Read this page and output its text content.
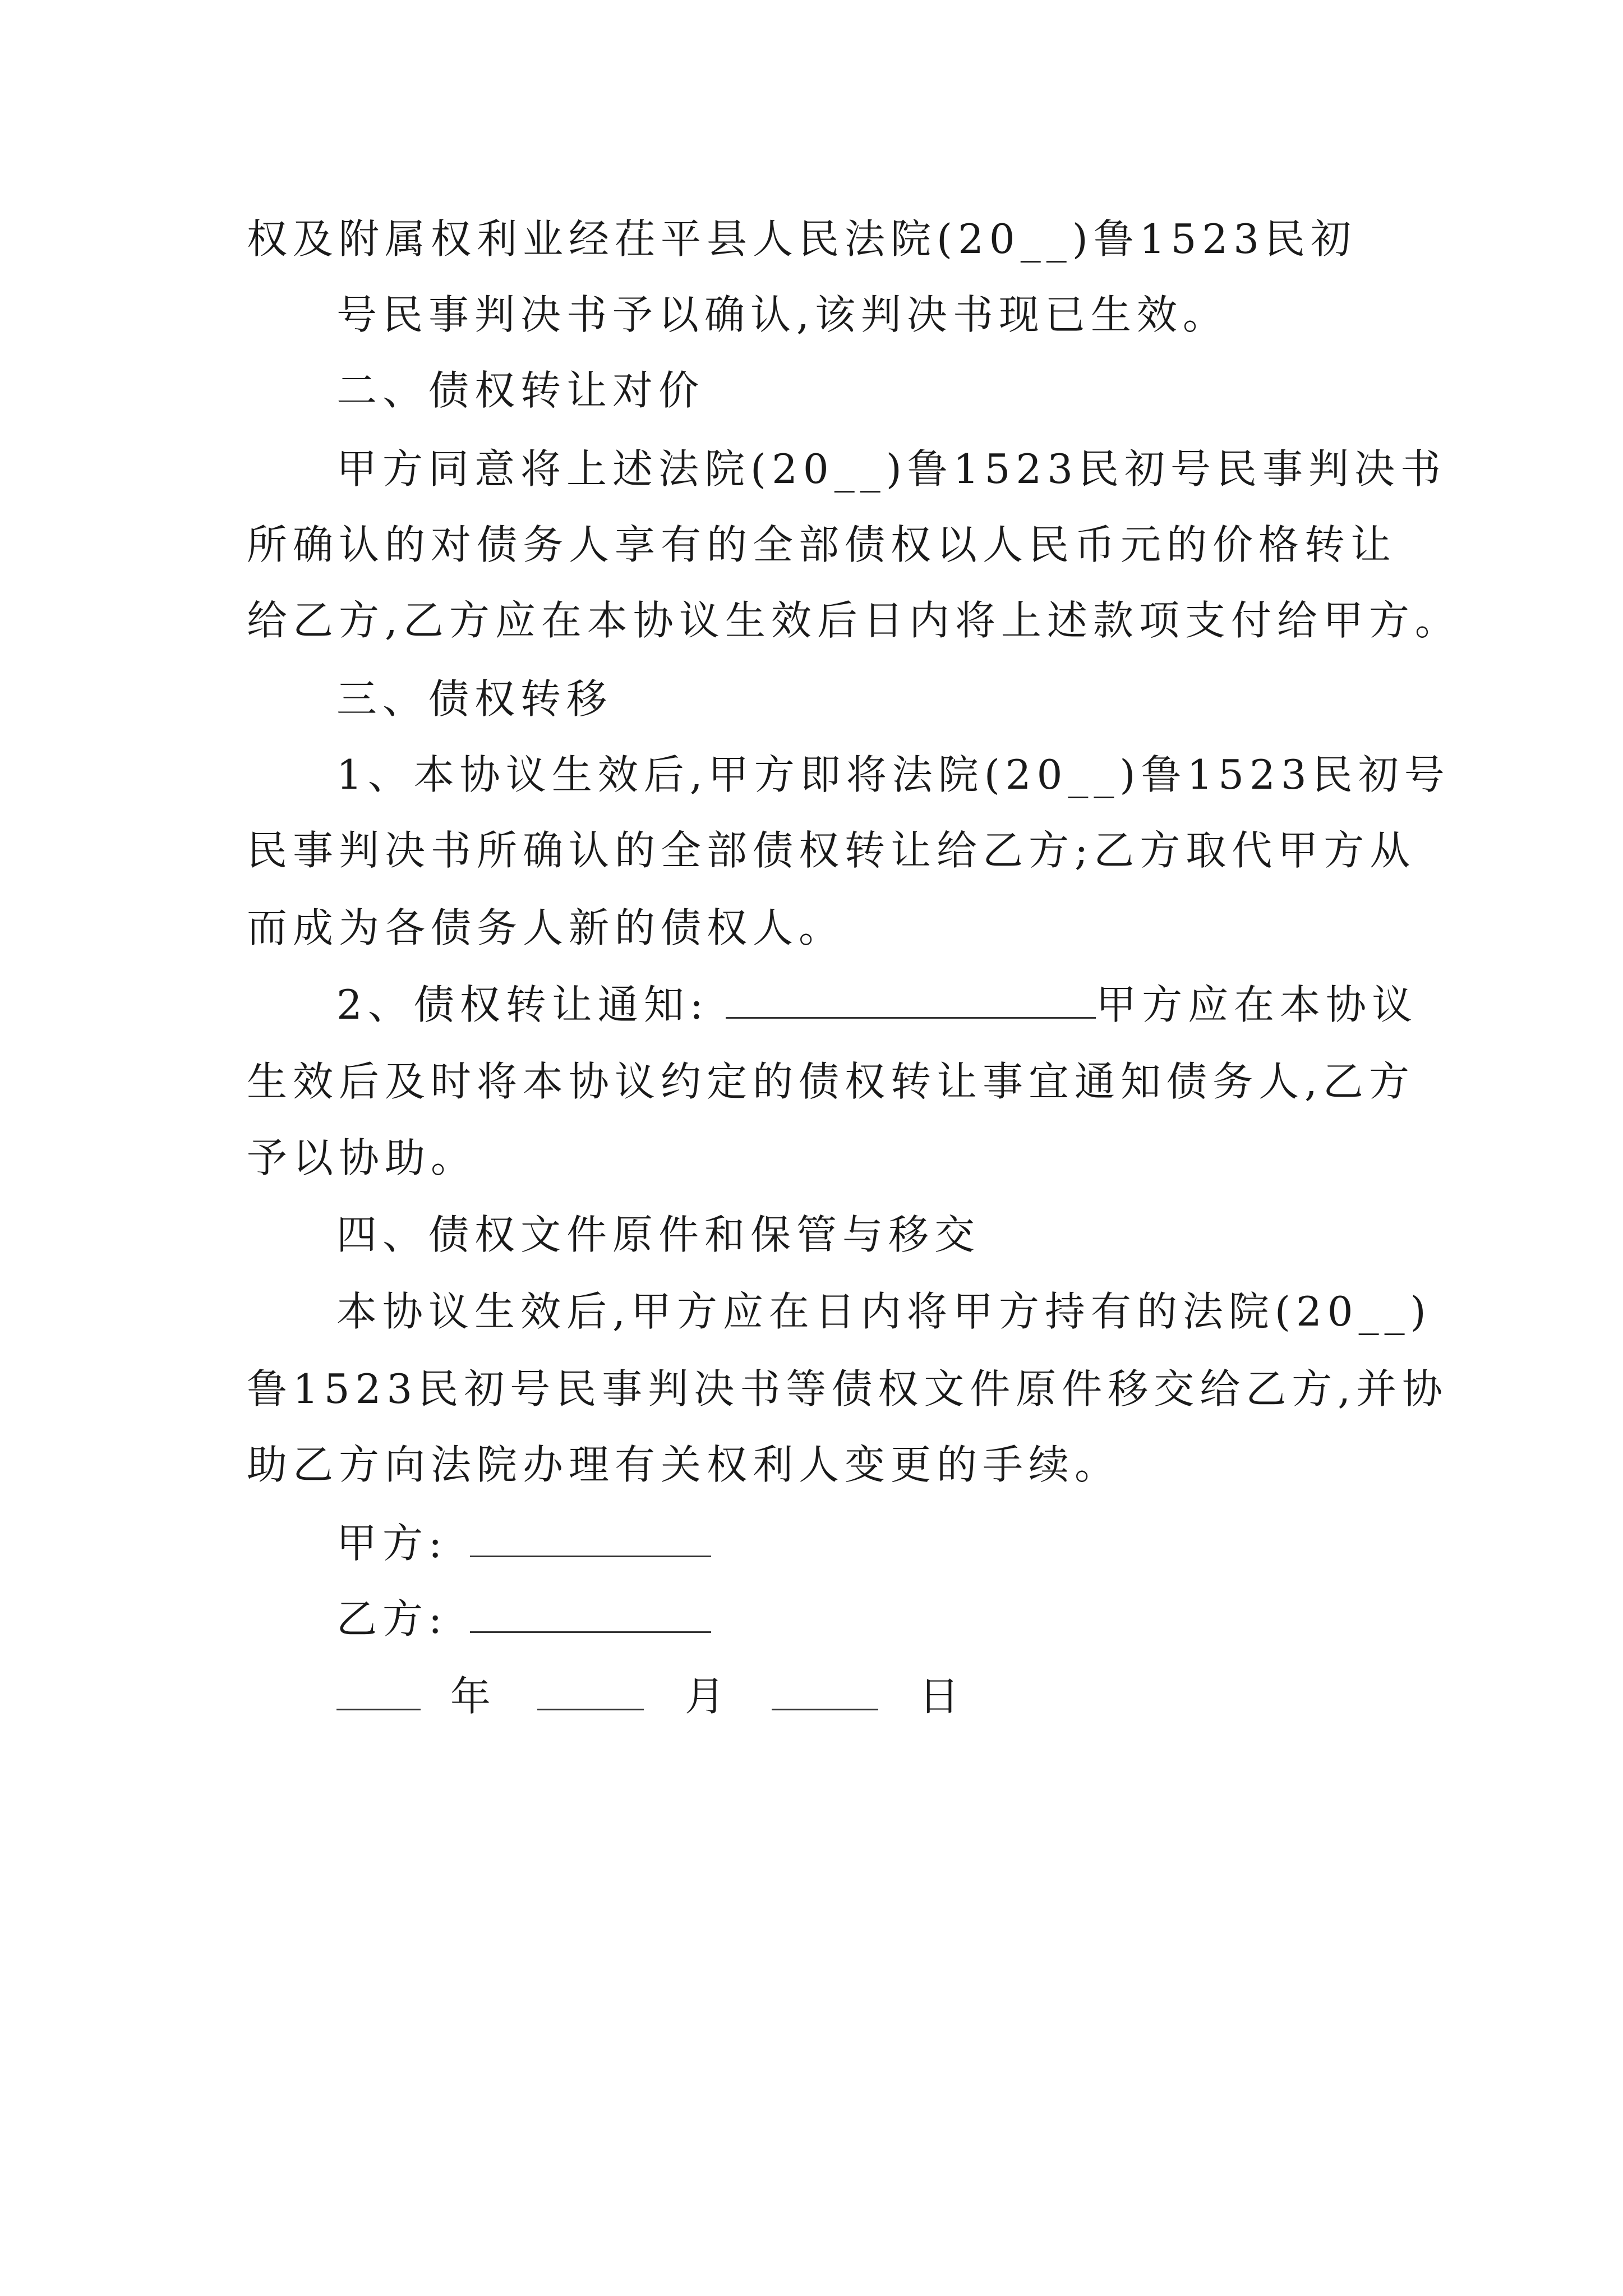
权及附属权利业经茌平县人民法院(20__)鲁1523民初
号民事判决书予以确认,该判决书现已生效。
二、债权转让对价
甲方同意将上述法院(20__)鲁1523民初号民事判决书
所确认的对债务人享有的全部债权以人民币元的价格转让
给乙方,乙方应在本协议生效后日内将上述款项支付给甲方。
三、债权转移
1、本协议生效后,甲方即将法院(20__)鲁1523民初号
民事判决书所确认的全部债权转让给乙方;乙方取代甲方从
而成为各债务人新的债权人。
2、债权转让通知:	甲方应在本协议
生效后及时将本协议约定的债权转让事宜通知债务人,乙方
予以协助。
四、债权文件原件和保管与移交
本协议生效后,甲方应在日内将甲方持有的法院(20__)
鲁1523民初号民事判决书等债权文件原件移交给乙方,并协
助乙方向法院办理有关权利人变更的手续。
甲方:
乙方:
年	月	日
